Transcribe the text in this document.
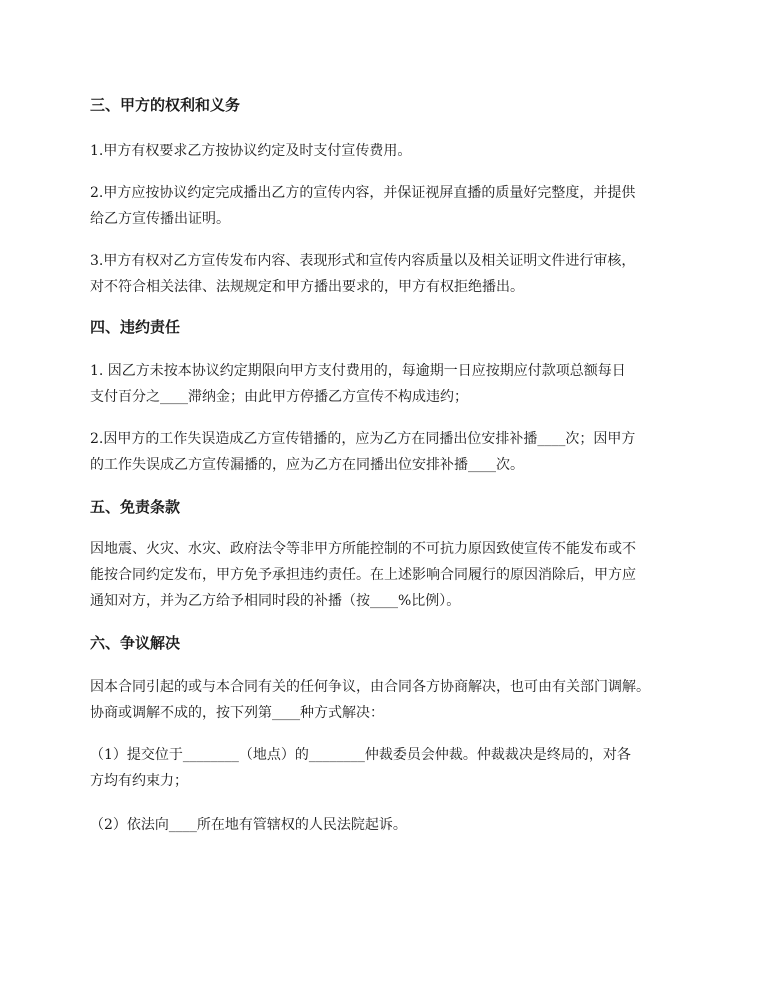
三、甲方的权利和义务
1.甲方有权要求乙方按协议约定及时支付宣传费用。
2.甲方应按协议约定完成播出乙方的宣传内容，并保证视屏直播的质量好完整度，并提供
给乙方宣传播出证明。
3.甲方有权对乙方宣传发布内容、表现形式和宣传内容质量以及相关证明文件进行审核，
对不符合相关法律、法规规定和甲方播出要求的，甲方有权拒绝播出。
四、违约责任
1. 因乙方未按本协议约定期限向甲方支付费用的，每逾期一日应按期应付款项总额每日
支付百分之____滞纳金；由此甲方停播乙方宣传不构成违约；
2.因甲方的工作失误造成乙方宣传错播的，应为乙方在同播出位安排补播____次；因甲方
的工作失误成乙方宣传漏播的，应为乙方在同播出位安排补播____次。
五、免责条款
因地震、火灾、水灾、政府法令等非甲方所能控制的不可抗力原因致使宣传不能发布或不
能按合同约定发布，甲方免予承担违约责任。在上述影响合同履行的原因消除后，甲方应
通知对方，并为乙方给予相同时段的补播（按____%比例）。
六、争议解决
因本合同引起的或与本合同有关的任何争议，由合同各方协商解决，也可由有关部门调解。
协商或调解不成的，按下列第____种方式解决：
（1）提交位于________（地点）的________仲裁委员会仲裁。仲裁裁决是终局的，对各
方均有约束力；
（2）依法向____所在地有管辖权的人民法院起诉。
